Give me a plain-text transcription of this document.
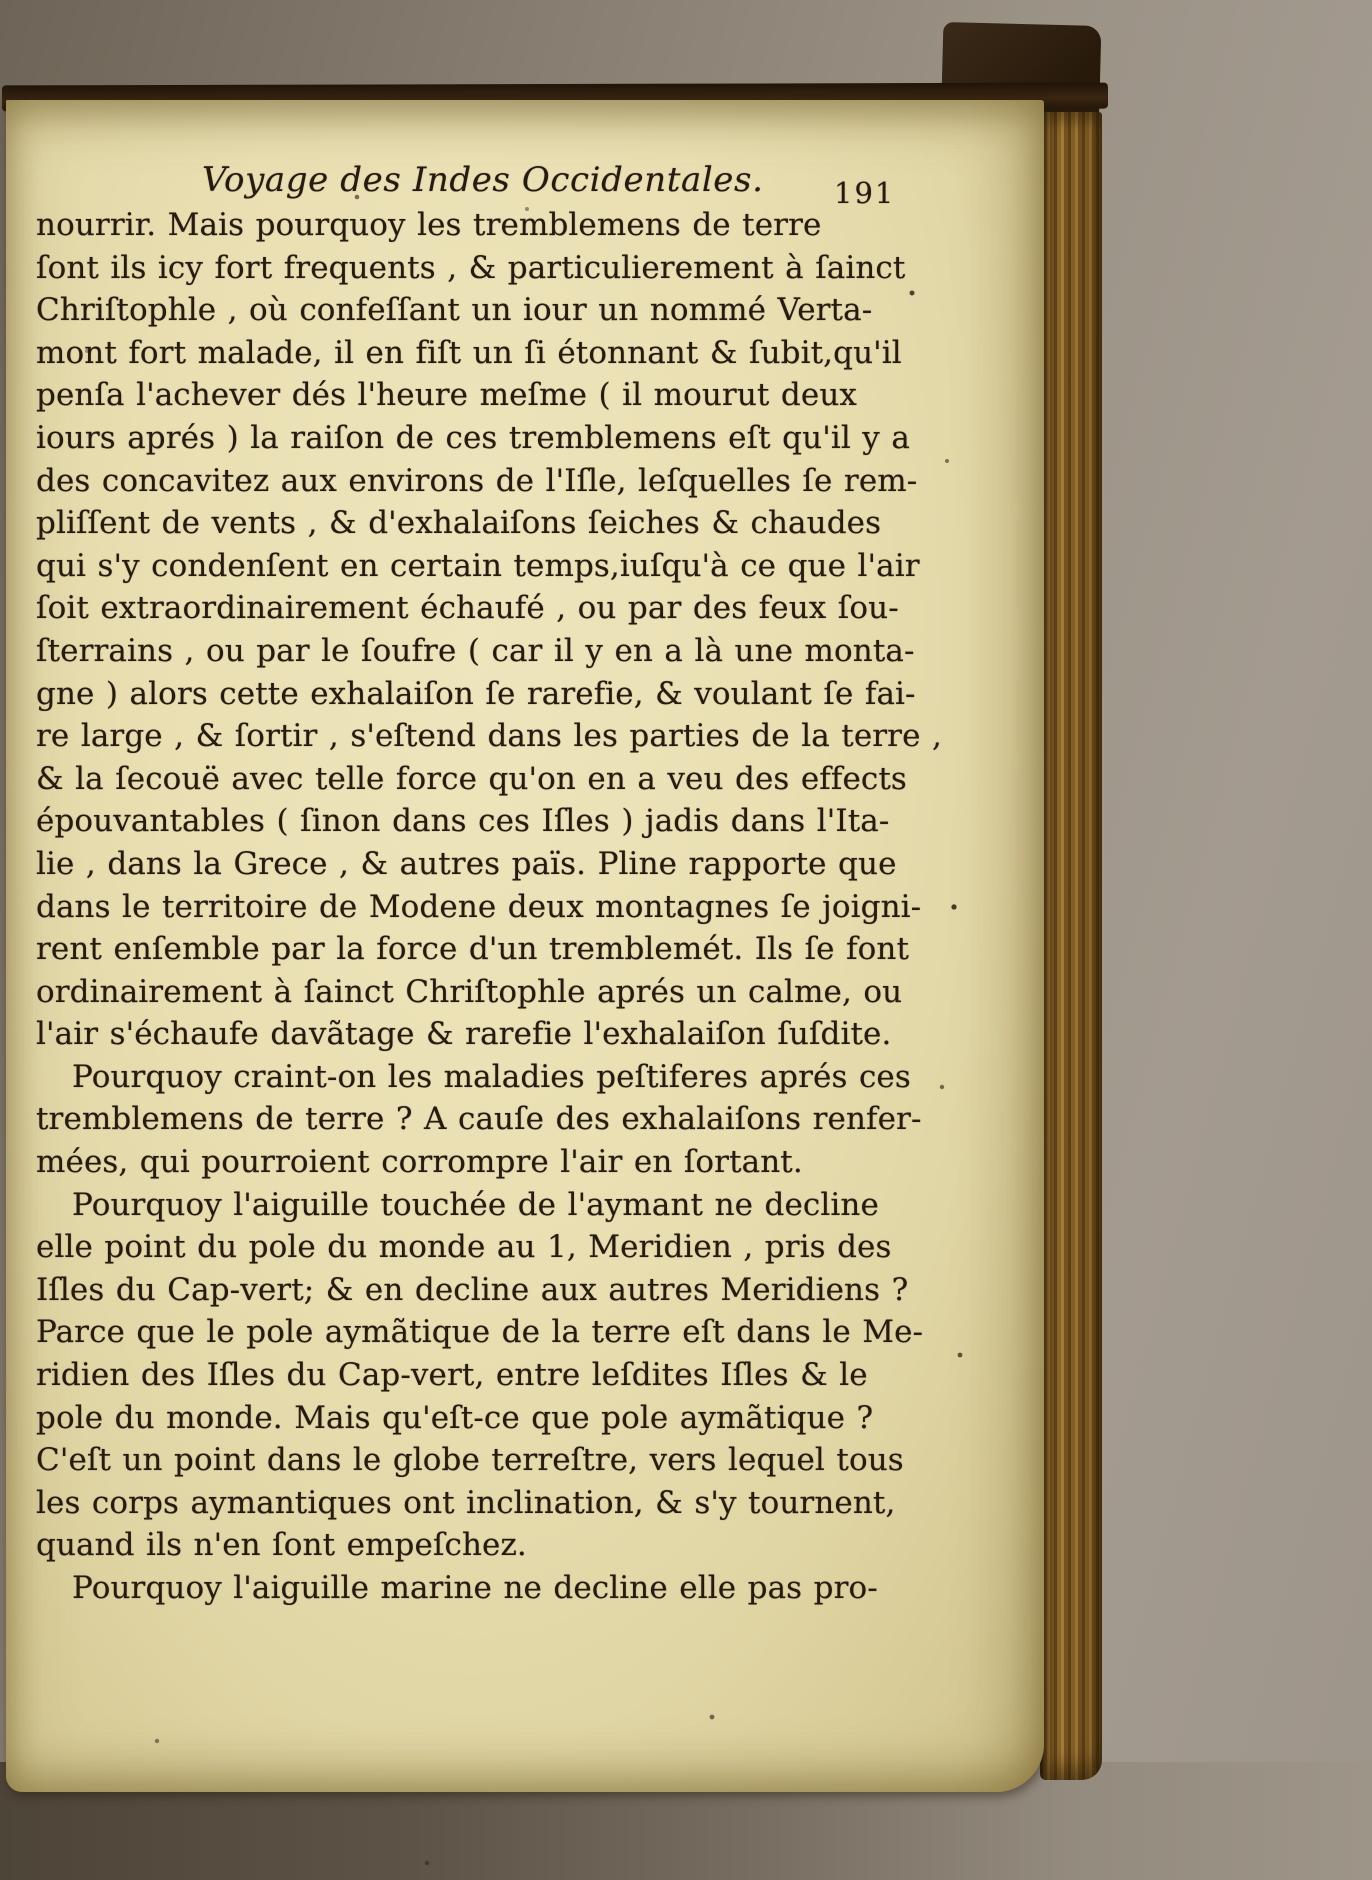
Voyage des Indes Occidentales. 191
nourrir. Mais pourquoy les tremblemens de terre
ſont ils icy fort frequents , & particulierement à ſainct
Chriſtophle , où confeſſant un iour un nommé Verta-
mont fort malade, il en fiſt un ſi étonnant & ſubit,qu'il
penſa l'achever dés l'heure meſme ( il mourut deux
iours aprés ) la raiſon de ces tremblemens eſt qu'il y a
des concavitez aux environs de l'Iſle, leſquelles ſe rem-
pliſſent de vents , & d'exhalaiſons ſeiches & chaudes
qui s'y condenſent en certain temps,iuſqu'à ce que l'air
ſoit extraordinairement échaufé , ou par des feux ſou-
ſterrains , ou par le ſoufre ( car il y en a là une monta-
gne ) alors cette exhalaiſon ſe rarefie, & voulant ſe fai-
re large , & ſortir , s'eſtend dans les parties de la terre ,
& la ſecouë avec telle force qu'on en a veu des effects
épouvantables ( ſinon dans ces Iſles ) jadis dans l'Ita-
lie , dans la Grece , & autres païs. Pline rapporte que
dans le territoire de Modene deux montagnes ſe joigni-
rent enſemble par la force d'un tremblemét. Ils ſe font
ordinairement à ſainct Chriſtophle aprés un calme, ou
l'air s'échaufe davãtage & rarefie l'exhalaiſon ſuſdite.
Pourquoy craint-on les maladies peſtiferes aprés ces
tremblemens de terre ? A cauſe des exhalaiſons renfer-
mées, qui pourroient corrompre l'air en ſortant.
Pourquoy l'aiguille touchée de l'aymant ne decline
elle point du pole du monde au 1, Meridien , pris des
Iſles du Cap-vert; & en decline aux autres Meridiens ?
Parce que le pole aymãtique de la terre eſt dans le Me-
ridien des Iſles du Cap-vert, entre leſdites Iſles & le
pole du monde. Mais qu'eſt-ce que pole aymãtique ?
C'eſt un point dans le globe terreſtre, vers lequel tous
les corps aymantiques ont inclination, & s'y tournent,
quand ils n'en ſont empeſchez.
Pourquoy l'aiguille marine ne decline elle pas pro-
